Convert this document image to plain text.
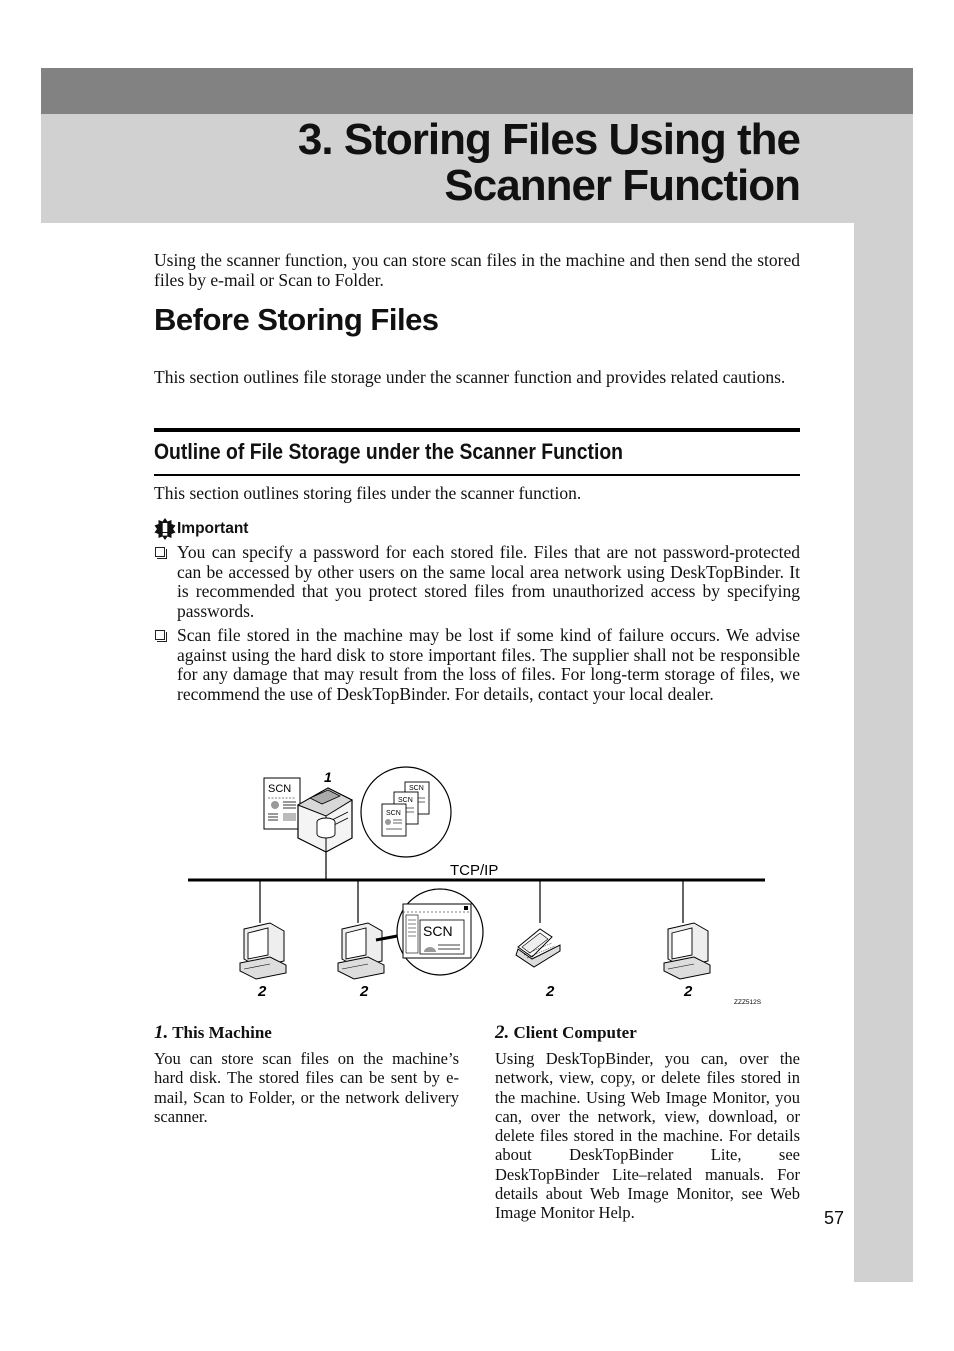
3. Storing Files Using the
Scanner Function
Using the scanner function, you can store scan files in the machine and then send the stored files by e-mail or Scan to Folder.
Before Storing Files
This section outlines file storage under the scanner function and provides related cautions.
Outline of File Storage under the Scanner Function
This section outlines storing files under the scanner function.
Important
You can specify a password for each stored file. Files that are not password-protected can be accessed by other users on the same local area network using DeskTopBinder. It is recommended that you protect stored files from unauthorized access by specifying passwords.
Scan file stored in the machine may be lost if some kind of failure occurs. We advise against using the hard disk to store important files. The supplier shall not be responsible for any damage that may result from the loss of files. For long-term storage of files, we recommend the use of DeskTopBinder. For details, contact your local dealer.
SCN
1
SCN
SCN
SCN
TCP/IP
2	2
SCN
2	2
ZZZ512S
1. This Machine
You can store scan files on the machine’s hard disk. The stored files can be sent by e-mail, Scan to Folder, or the network delivery scanner.
2. Client Computer
Using DeskTopBinder, you can, over the network, view, copy, or delete files stored in the machine. Using Web Image Monitor, you can, over the network, view, download, or delete files stored in the machine. For details about DeskTopBinder Lite, see DeskTopBinder Lite–related manuals. For details about Web Image Monitor, see Web Image Monitor Help.	57
